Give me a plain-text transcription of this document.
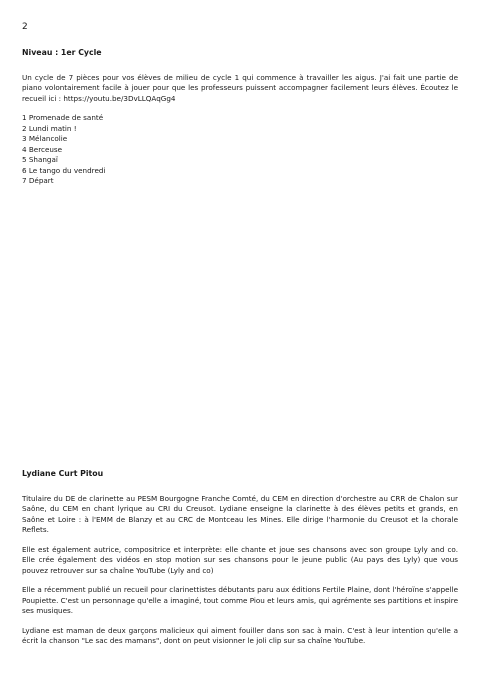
2

Niveau : 1er Cycle

Un cycle de 7 pièces pour vos élèves de milieu de cycle 1 qui commence à travailler les aigus. J'ai fait une partie de piano volontairement facile à jouer pour que les professeurs puissent accompagner facilement leurs élèves. Écoutez le recueil ici : https://youtu.be/3DvLLQAqGg4

1 Promenade de santé
2 Lundi matin !
3 Mélancolie
4 Berceuse
5 Shangaï
6 Le tango du vendredi
7 Départ

Lydiane Curt Pitou

Titulaire du DE de clarinette au PESM Bourgogne Franche Comté, du CEM en direction d'orchestre au CRR de Chalon sur Saône, du CEM en chant lyrique au CRI du Creusot. Lydiane enseigne la clarinette à des élèves petits et grands, en Saône et Loire : à l'EMM de Blanzy et au CRC de Montceau les Mines. Elle dirige l'harmonie du Creusot et la chorale Reflets.

Elle est également autrice, compositrice et interprète: elle chante et joue ses chansons avec son groupe Lyly and co. Elle crée également des vidéos en stop motion sur ses chansons pour le jeune public (Au pays des Lyly) que vous pouvez retrouver sur sa chaîne YouTube (Lyly and co)

Elle a récemment publié un recueil pour clarinettistes débutants paru aux éditions Fertile Plaine, dont l'héroïne s'appelle Poupiette. C'est un personnage qu'elle a imaginé, tout comme Piou et leurs amis, qui agrémente ses partitions et inspire ses musiques.

Lydiane est maman de deux garçons malicieux qui aiment fouiller dans son sac à main. C'est à leur intention qu'elle a écrit la chanson "Le sac des mamans", dont on peut visionner le joli clip sur sa chaîne YouTube.
